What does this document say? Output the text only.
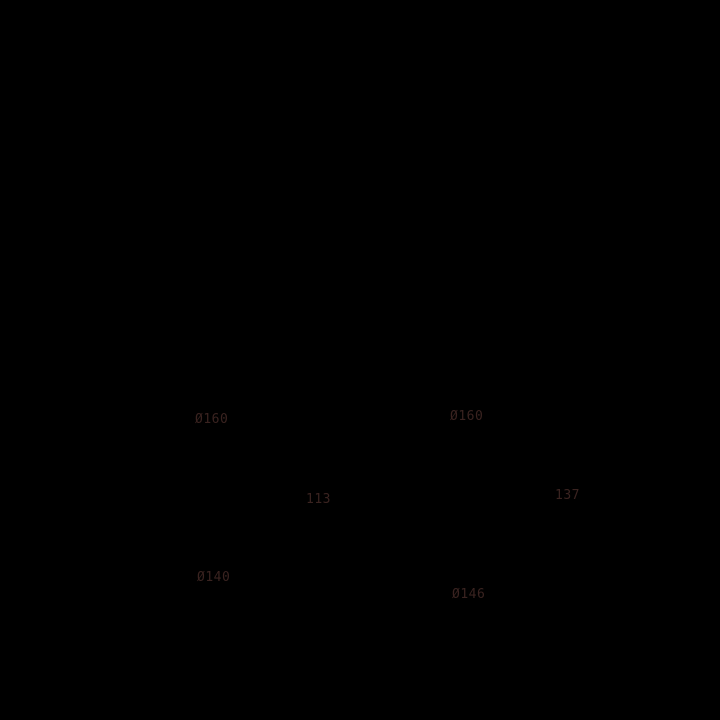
Ø160	Ø160
113	137
Ø140
Ø146
